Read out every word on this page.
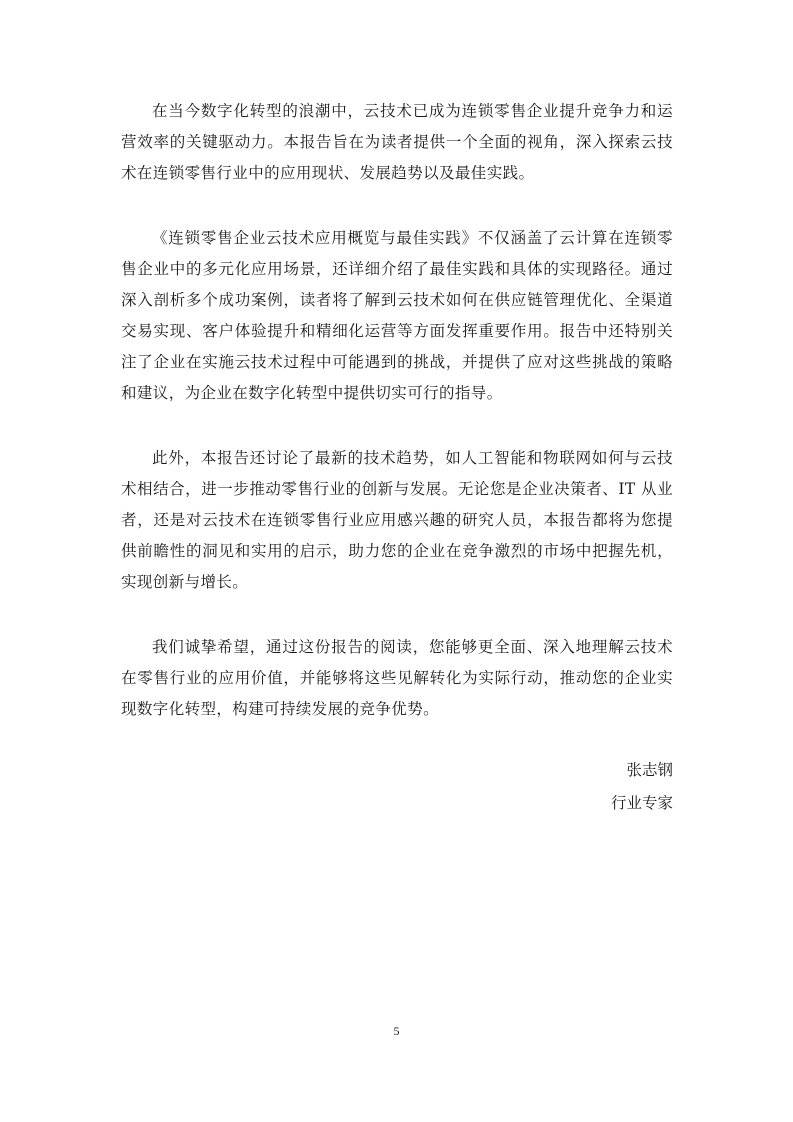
在当今数字化转型的浪潮中，云技术已成为连锁零售企业提升竞争力和运营效率的关键驱动力。本报告旨在为读者提供一个全面的视角，深入探索云技术在连锁零售行业中的应用现状、发展趋势以及最佳实践。

《连锁零售企业云技术应用概览与最佳实践》不仅涵盖了云计算在连锁零售企业中的多元化应用场景，还详细介绍了最佳实践和具体的实现路径。通过深入剖析多个成功案例，读者将了解到云技术如何在供应链管理优化、全渠道交易实现、客户体验提升和精细化运营等方面发挥重要作用。报告中还特别关注了企业在实施云技术过程中可能遇到的挑战，并提供了应对这些挑战的策略和建议，为企业在数字化转型中提供切实可行的指导。

此外，本报告还讨论了最新的技术趋势，如人工智能和物联网如何与云技术相结合，进一步推动零售行业的创新与发展。无论您是企业决策者、IT 从业者，还是对云技术在连锁零售行业应用感兴趣的研究人员，本报告都将为您提供前瞻性的洞见和实用的启示，助力您的企业在竞争激烈的市场中把握先机，实现创新与增长。

我们诚挚希望，通过这份报告的阅读，您能够更全面、深入地理解云技术在零售行业的应用价值，并能够将这些见解转化为实际行动，推动您的企业实现数字化转型，构建可持续发展的竞争优势。

张志钢
行业专家
5
